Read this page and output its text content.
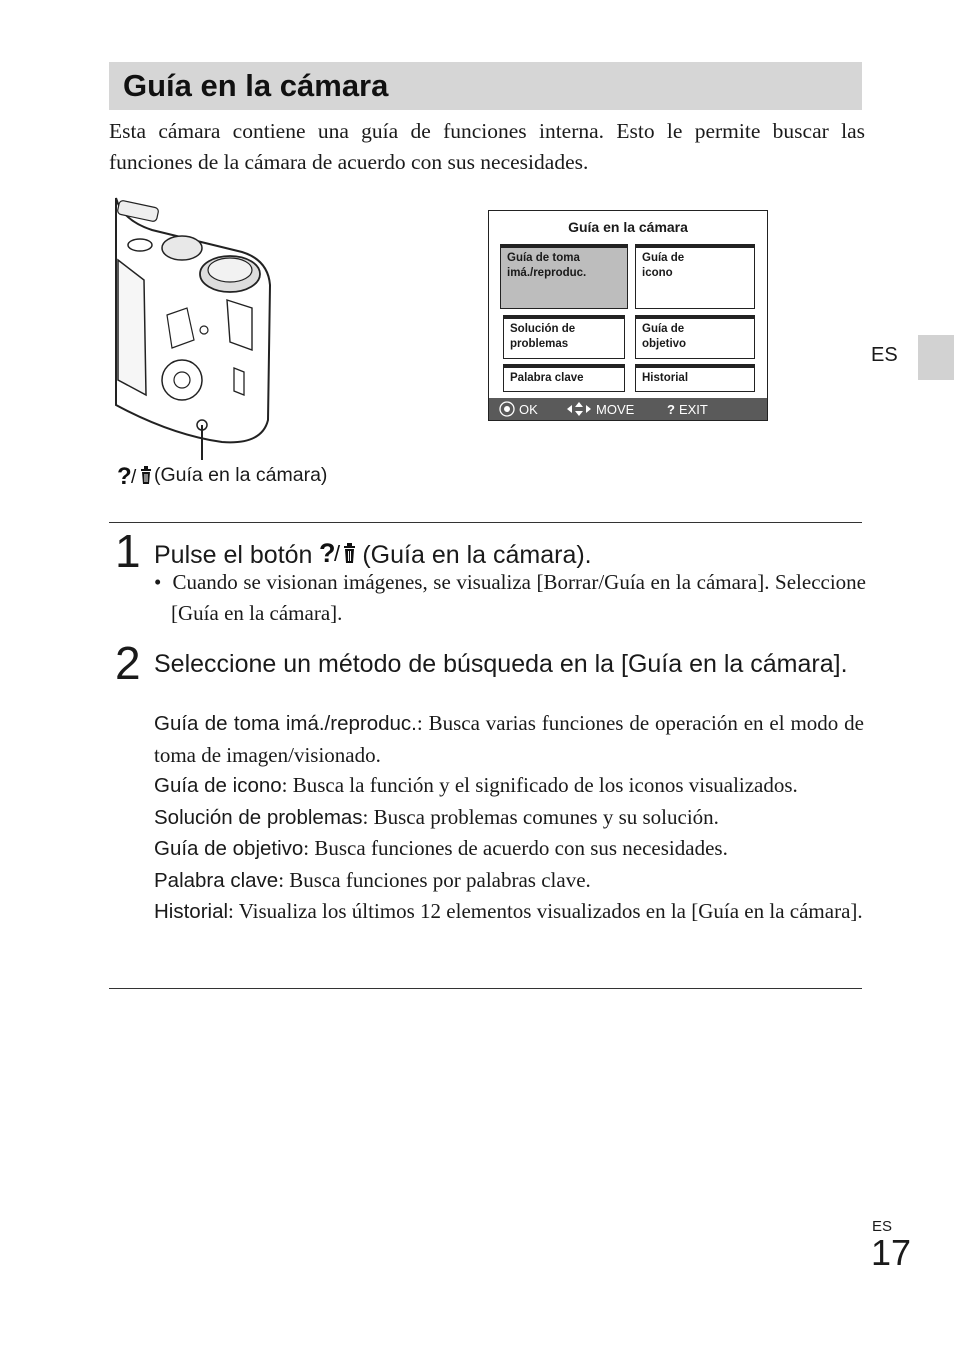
Guía en la cámara
Esta cámara contiene una guía de funciones interna. Esto le permite buscar las funciones de la cámara de acuerdo con sus necesidades.
? / (Guía en la cámara)
Guía en la cámara
Guía de toma
imá./reproduc.
Guía de
icono
Solución de
problemas
Guía de
objetivo
Palabra clave	Historial
OK	MOVE	? EXIT
ES
1 Pulse el botón ?
/ (Guía en la cámara).
•  Cuando se visionan imágenes, se visualiza [Borrar/Guía en la cámara]. Seleccione [Guía en la cámara].
2 Seleccione un método de búsqueda en la [Guía en la cámara].
Guía de toma imá./reproduc.: Busca varias funciones de operación en el modo de toma de imagen/visionado.
Guía de icono: Busca la función y el significado de los iconos visualizados.
Solución de problemas: Busca problemas comunes y su solución.
Guía de objetivo: Busca funciones de acuerdo con sus necesidades.
Palabra clave: Busca funciones por palabras clave.
Historial: Visualiza los últimos 12 elementos visualizados en la [Guía en la cámara].
ES
17
